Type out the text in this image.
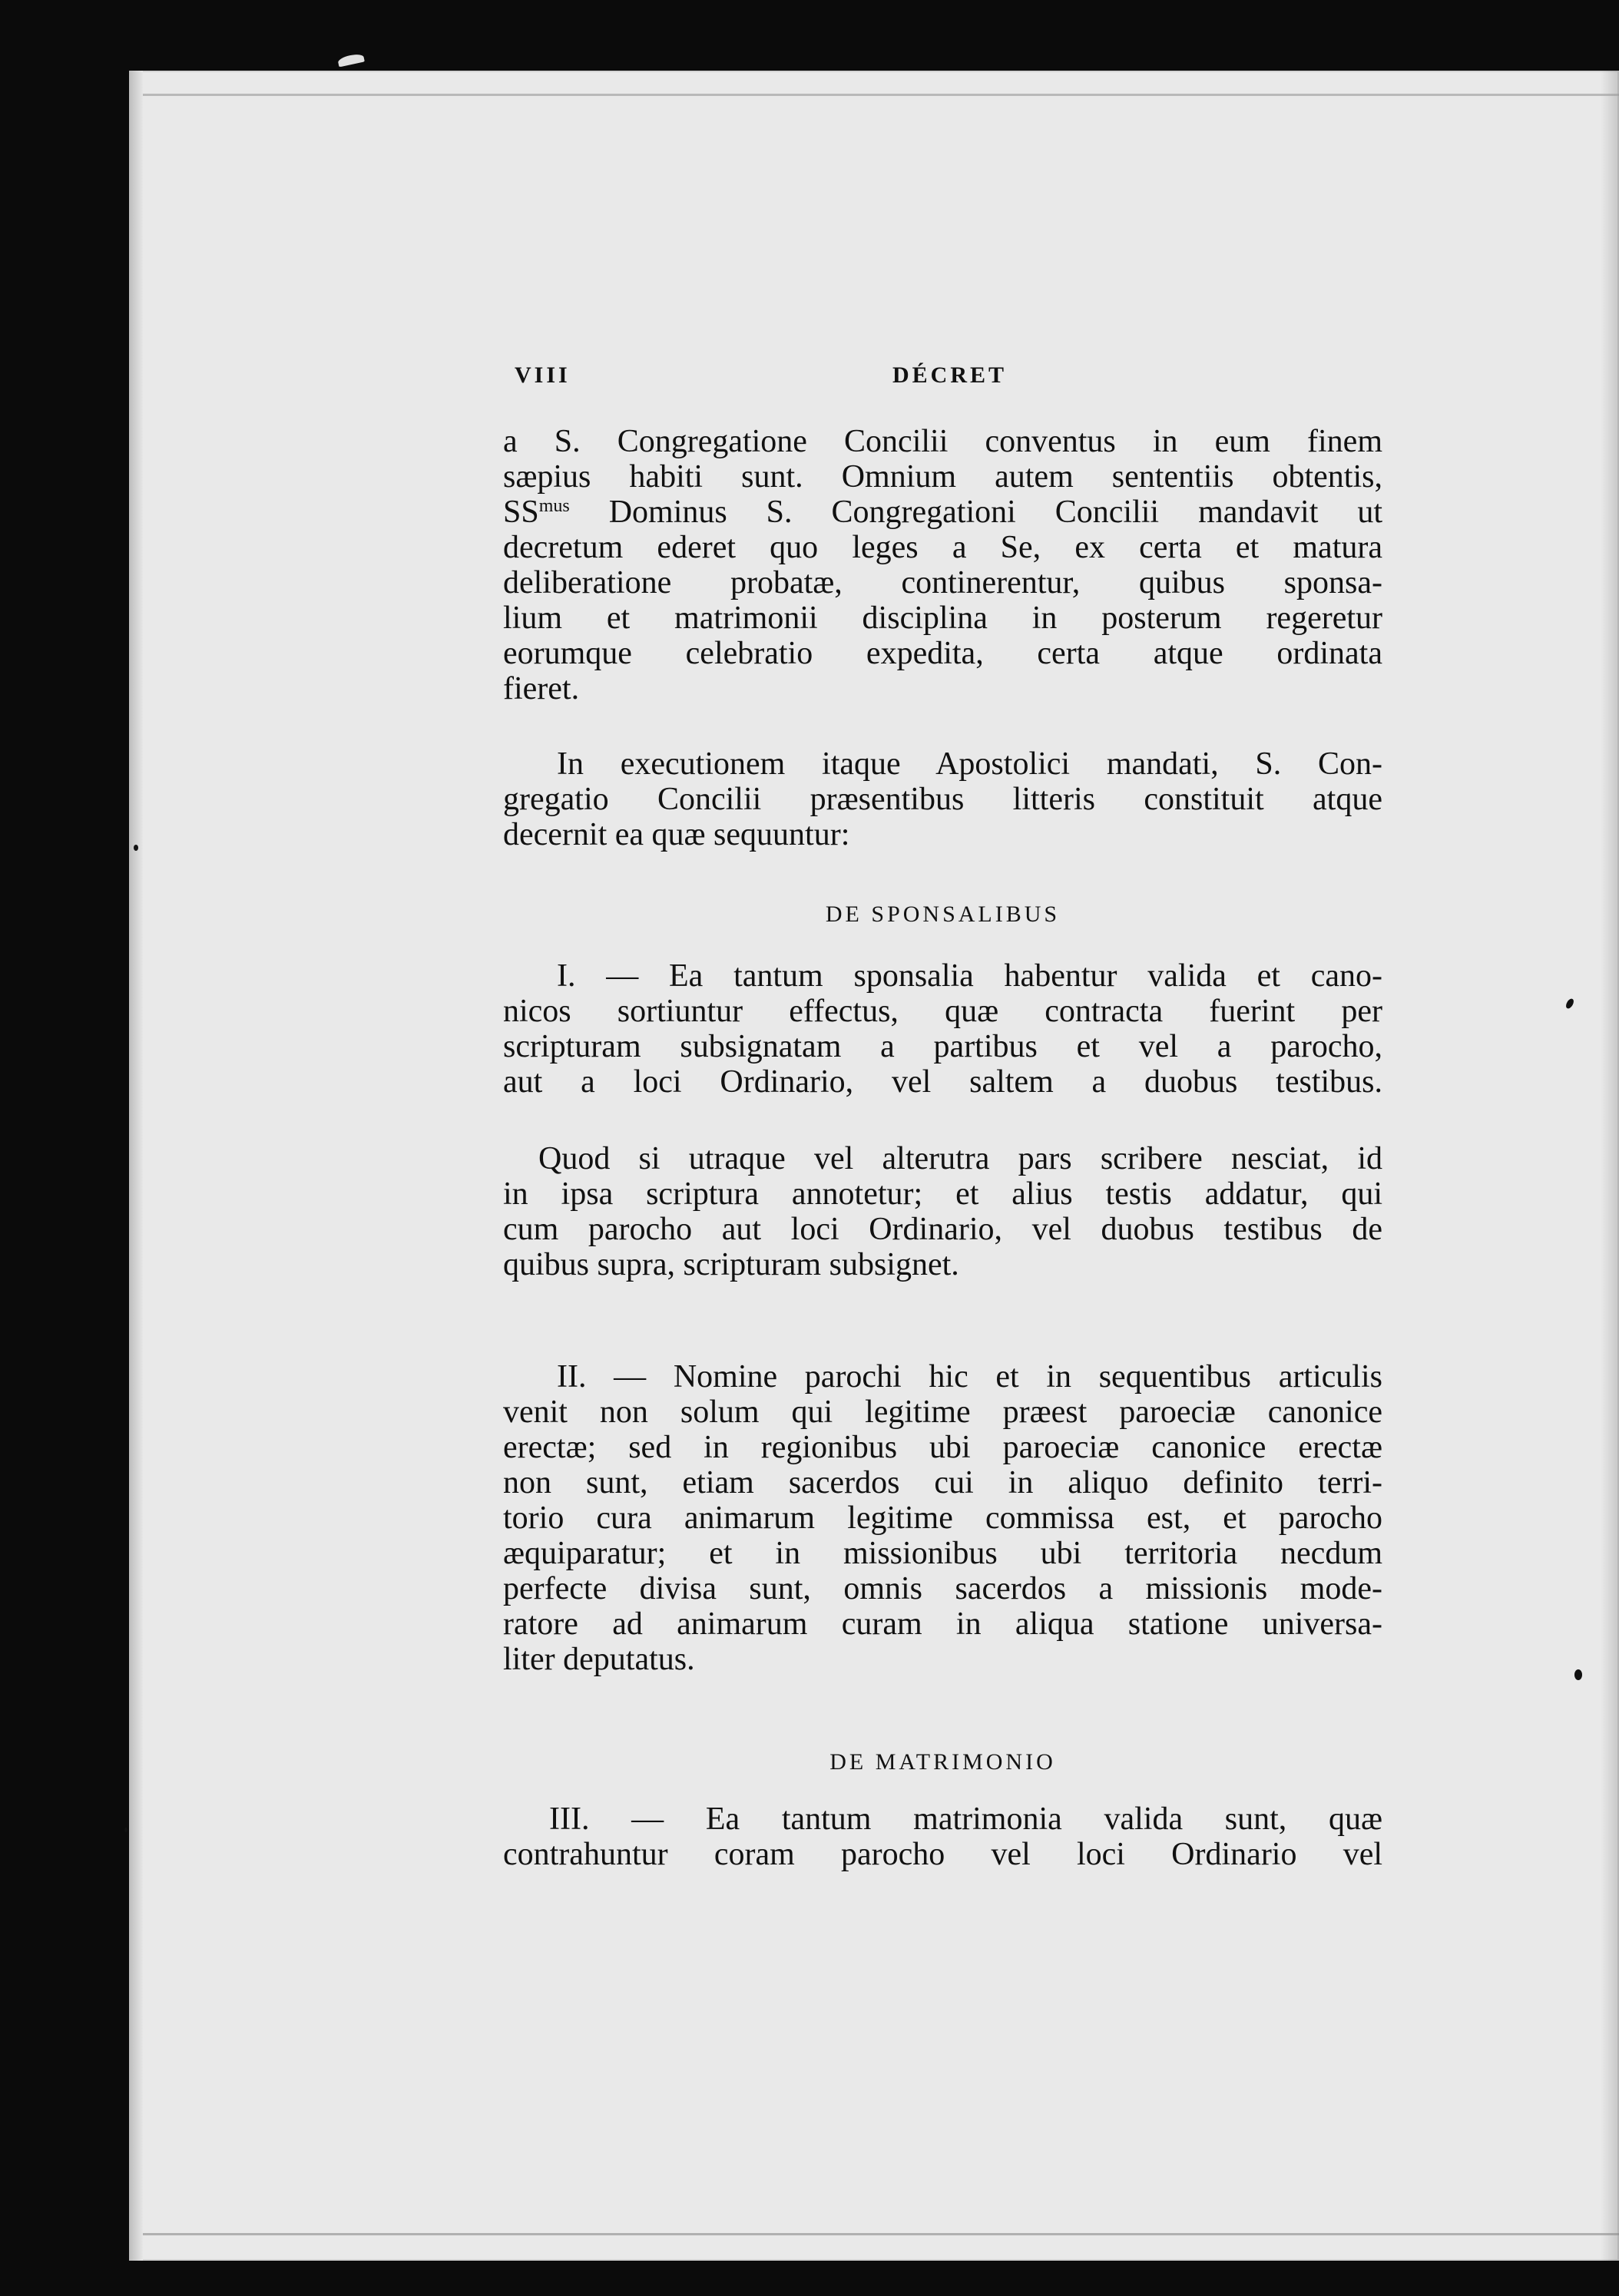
VIII	DÉCRET
a S. Congregatione Concilii conventus in eum finem
sæpius habiti sunt. Omnium autem sententiis obtentis,
$SS^{mus}$ Dominus S. Congregationi Concilii mandavit ut
decretum ederet quo leges a Se, ex certa et matura
deliberatione probatæ, continerentur, quibus sponsa-
lium et matrimonii disciplina in posterum regeretur
eorumque celebratio expedita, certa atque ordinata
fieret.
In executionem itaque Apostolici mandati, S. Con-
gregatio Concilii præsentibus litteris constituit atque
decernit ea quæ sequuntur:
DE SPONSALIBUS
I. — Ea tantum sponsalia habentur valida et cano-
nicos sortiuntur effectus, quæ contracta fuerint per
scripturam subsignatam a partibus et vel a parocho,
aut a loci Ordinario, vel saltem a duobus testibus.
Quod si utraque vel alterutra pars scribere nesciat, id
in ipsa scriptura annotetur; et alius testis addatur, qui
cum parocho aut loci Ordinario, vel duobus testibus de
quibus supra, scripturam subsignet.
II. — Nomine parochi hic et in sequentibus articulis
venit non solum qui legitime præest paroeciæ canonice
erectæ; sed in regionibus ubi paroeciæ canonice erectæ
non sunt, etiam sacerdos cui in aliquo definito terri-
torio cura animarum legitime commissa est, et parocho
æquiparatur; et in missionibus ubi territoria necdum
perfecte divisa sunt, omnis sacerdos a missionis mode-
ratore ad animarum curam in aliqua statione universa-
liter deputatus.
DE MATRIMONIO
III. — Ea tantum matrimonia valida sunt, quæ
contrahuntur coram parocho vel loci Ordinario vel
